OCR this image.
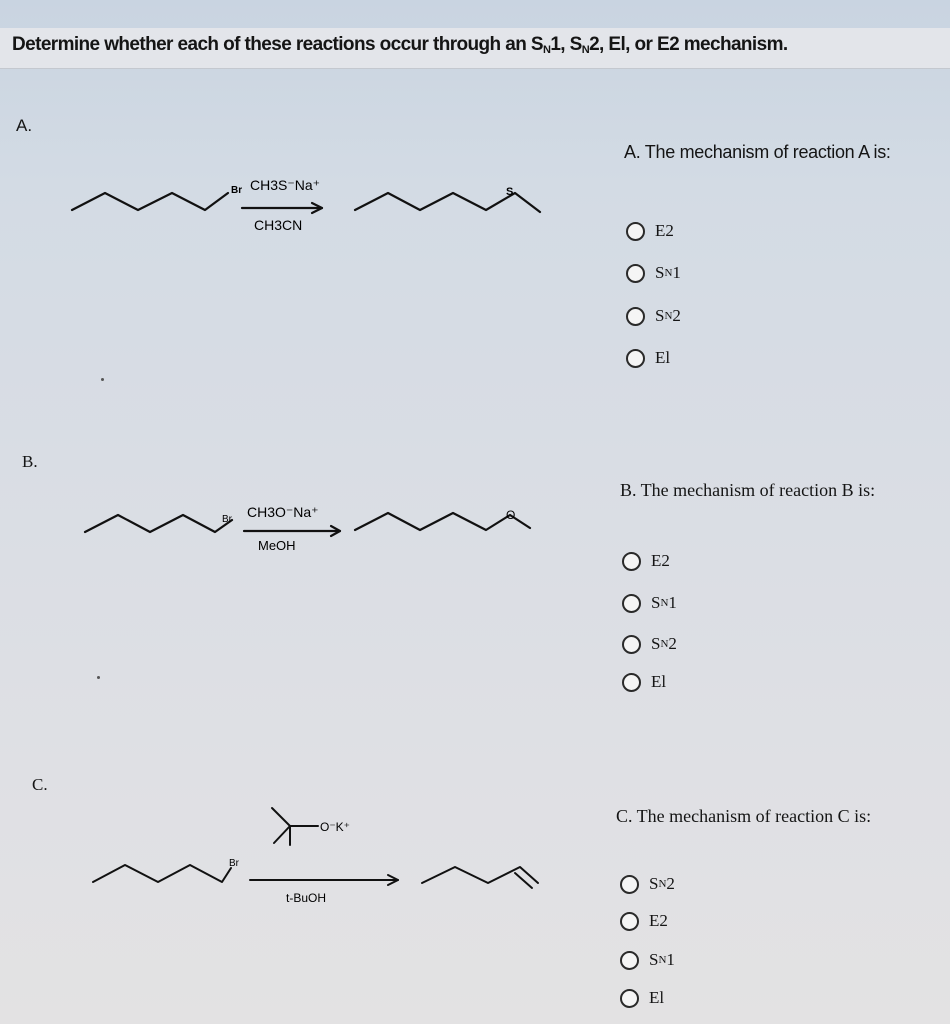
Determine whether each of these reactions occur through an $S_N1$, $S_N2$, El, or E2 mechanism.
A.
B.
C.
Br CH3S⁻Na⁺
CH3CN
S
Br CH3O⁻Na⁺
MeOH
O
Br
O⁻K⁺
t-BuOH
A. The mechanism of reaction A is:
E2
S N 1
S N 2
El
B. The mechanism of reaction B is:
E2
S N 1
S N 2
El
C. The mechanism of reaction C is:
S N 2
E2
S N 1
El
